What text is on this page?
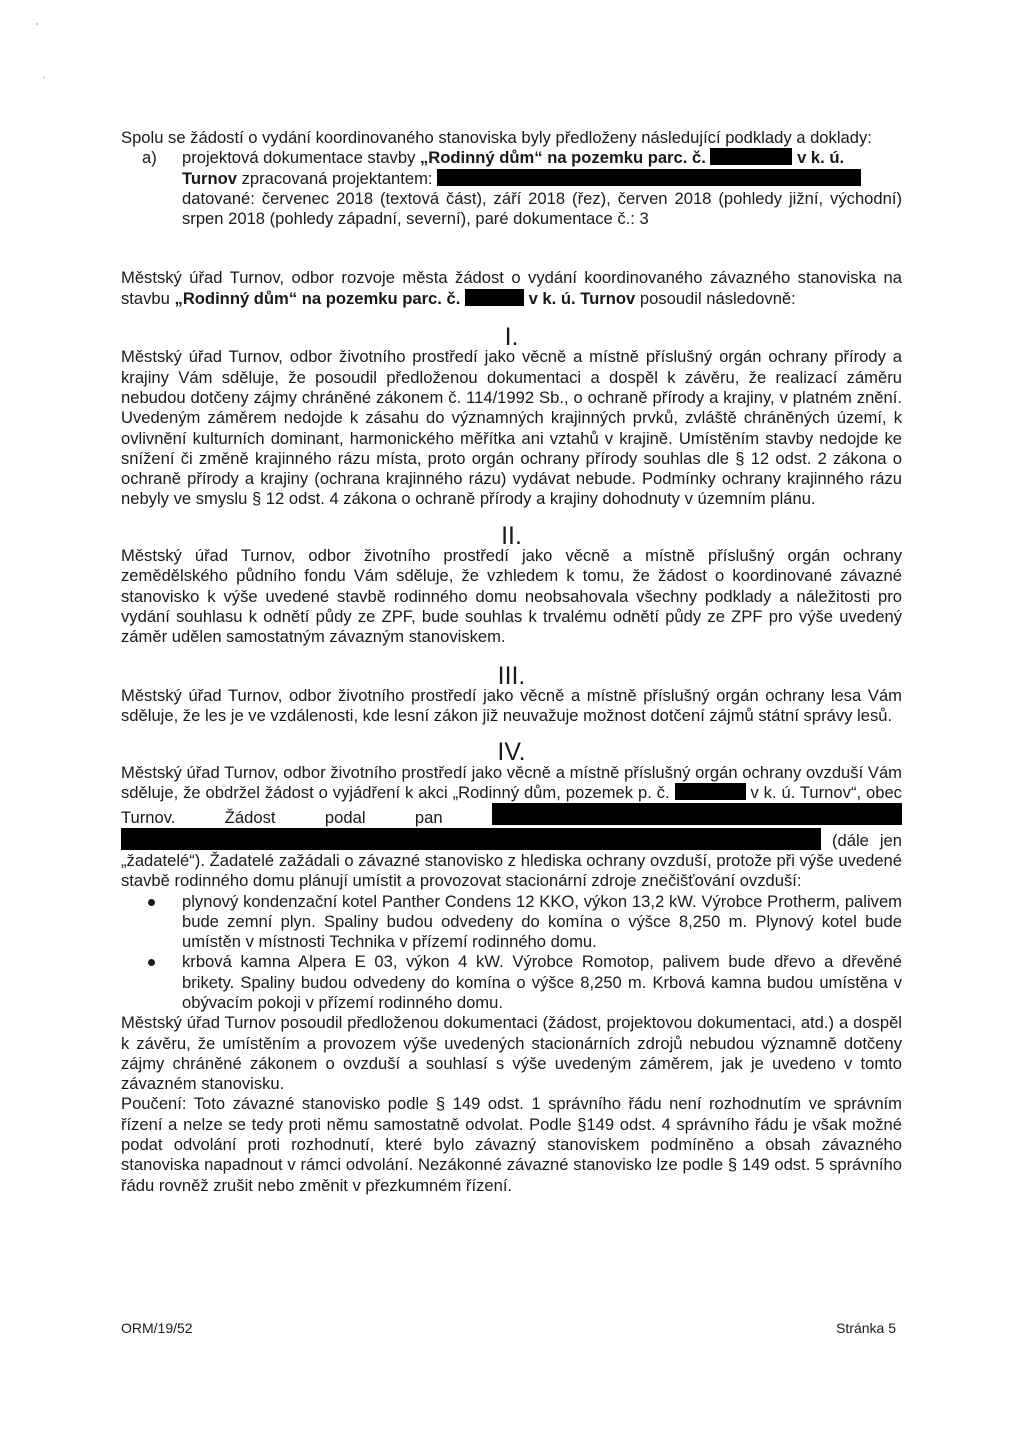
ˈ
ˌ

Spolu se žádostí o vydání koordinovaného stanoviska byly předloženy následující podklady a doklady:

a)	projektová dokumentace stavby „Rodinný dům“ na pozemku parc. č.	v k. ú.
Turnov zpracovaná projektantem:
datované: červenec 2018 (textová část), září 2018 (řez), červen 2018 (pohledy jižní, východní) srpen 2018 (pohledy západní, severní), paré dokumentace č.: 3

Městský úřad Turnov, odbor rozvoje města žádost o vydání koordinovaného závazného stanoviska na stavbu „Rodinný dům“ na pozemku parc. č.	v k. ú. Turnov posoudil následovně:

I.

Městský úřad Turnov, odbor životního prostředí jako věcně a místně příslušný orgán ochrany přírody a krajiny Vám sděluje, že posoudil předloženou dokumentaci a dospěl k závěru, že realizací záměru nebudou dotčeny zájmy chráněné zákonem č. 114/1992 Sb., o ochraně přírody a krajiny, v platném znění. Uvedeným záměrem nedojde k zásahu do významných krajinných prvků, zvláště chráněných území, k ovlivnění kulturních dominant, harmonického měřítka ani vztahů v krajině. Umístěním stavby nedojde ke snížení či změně krajinného rázu místa, proto orgán ochrany přírody souhlas dle § 12 odst. 2 zákona o ochraně přírody a krajiny (ochrana krajinného rázu) vydávat nebude. Podmínky ochrany krajinného rázu nebyly ve smyslu § 12 odst. 4 zákona o ochraně přírody a krajiny dohodnuty v územním plánu.

II.

Městský úřad Turnov, odbor životního prostředí jako věcně a místně příslušný orgán ochrany zemědělského půdního fondu Vám sděluje, že vzhledem k tomu, že žádost o koordinované závazné stanovisko k výše uvedené stavbě rodinného domu neobsahovala všechny podklady a náležitosti pro vydání souhlasu k odnětí půdy ze ZPF, bude souhlas k trvalému odnětí půdy ze ZPF pro výše uvedený záměr udělen samostatným závazným stanoviskem.

III.

Městský úřad Turnov, odbor životního prostředí jako věcně a místně příslušný orgán ochrany lesa Vám sděluje, že les je ve vzdálenosti, kde lesní zákon již neuvažuje možnost dotčení zájmů státní správy lesů.

IV.

Městský úřad Turnov, odbor životního prostředí jako věcně a místně příslušný orgán ochrany ovzduší Vám sděluje, že obdržel žádost o vyjádření k akci „Rodinný dům, pozemek p. č.	v k. ú. Turnov“, obec Turnov. Žádost podal pan   (dále jen „žadatelé“). Žadatelé zažádali o závazné stanovisko z hlediska ochrany ovzduší, protože při výše uvedené stavbě rodinného domu plánují umístit a provozovat stacionární zdroje znečišťování ovzduší:

plynový kondenzační kotel Panther Condens 12 KKO, výkon 13,2 kW. Výrobce Protherm, palivem bude zemní plyn. Spaliny budou odvedeny do komína o výšce 8,250 m. Plynový kotel bude umístěn v místnosti Technika v přízemí rodinného domu.
krbová kamna Alpera E 03, výkon 4 kW. Výrobce Romotop, palivem bude dřevo a dřevěné brikety. Spaliny budou odvedeny do komína o výšce 8,250 m. Krbová kamna budou umístěna v obývacím pokoji v přízemí rodinného domu.

Městský úřad Turnov posoudil předloženou dokumentaci (žádost, projektovou dokumentaci, atd.) a dospěl k závěru, že umístěním a provozem výše uvedených stacionárních zdrojů nebudou významně dotčeny zájmy chráněné zákonem o ovzduší a souhlasí s výše uvedeným záměrem, jak je uvedeno v tomto závazném stanovisku.

Poučení: Toto závazné stanovisko podle § 149 odst. 1 správního řádu není rozhodnutím ve správním řízení a nelze se tedy proti němu samostatně odvolat. Podle §149 odst. 4 správního řádu je však možné podat odvolání proti rozhodnutí, které bylo závazný stanoviskem podmíněno a obsah závazného stanoviska napadnout v rámci odvolání. Nezákonné závazné stanovisko lze podle § 149 odst. 5 správního řádu rovněž zrušit nebo změnit v přezkumném řízení.

ORM/19/52	Stránka 5
